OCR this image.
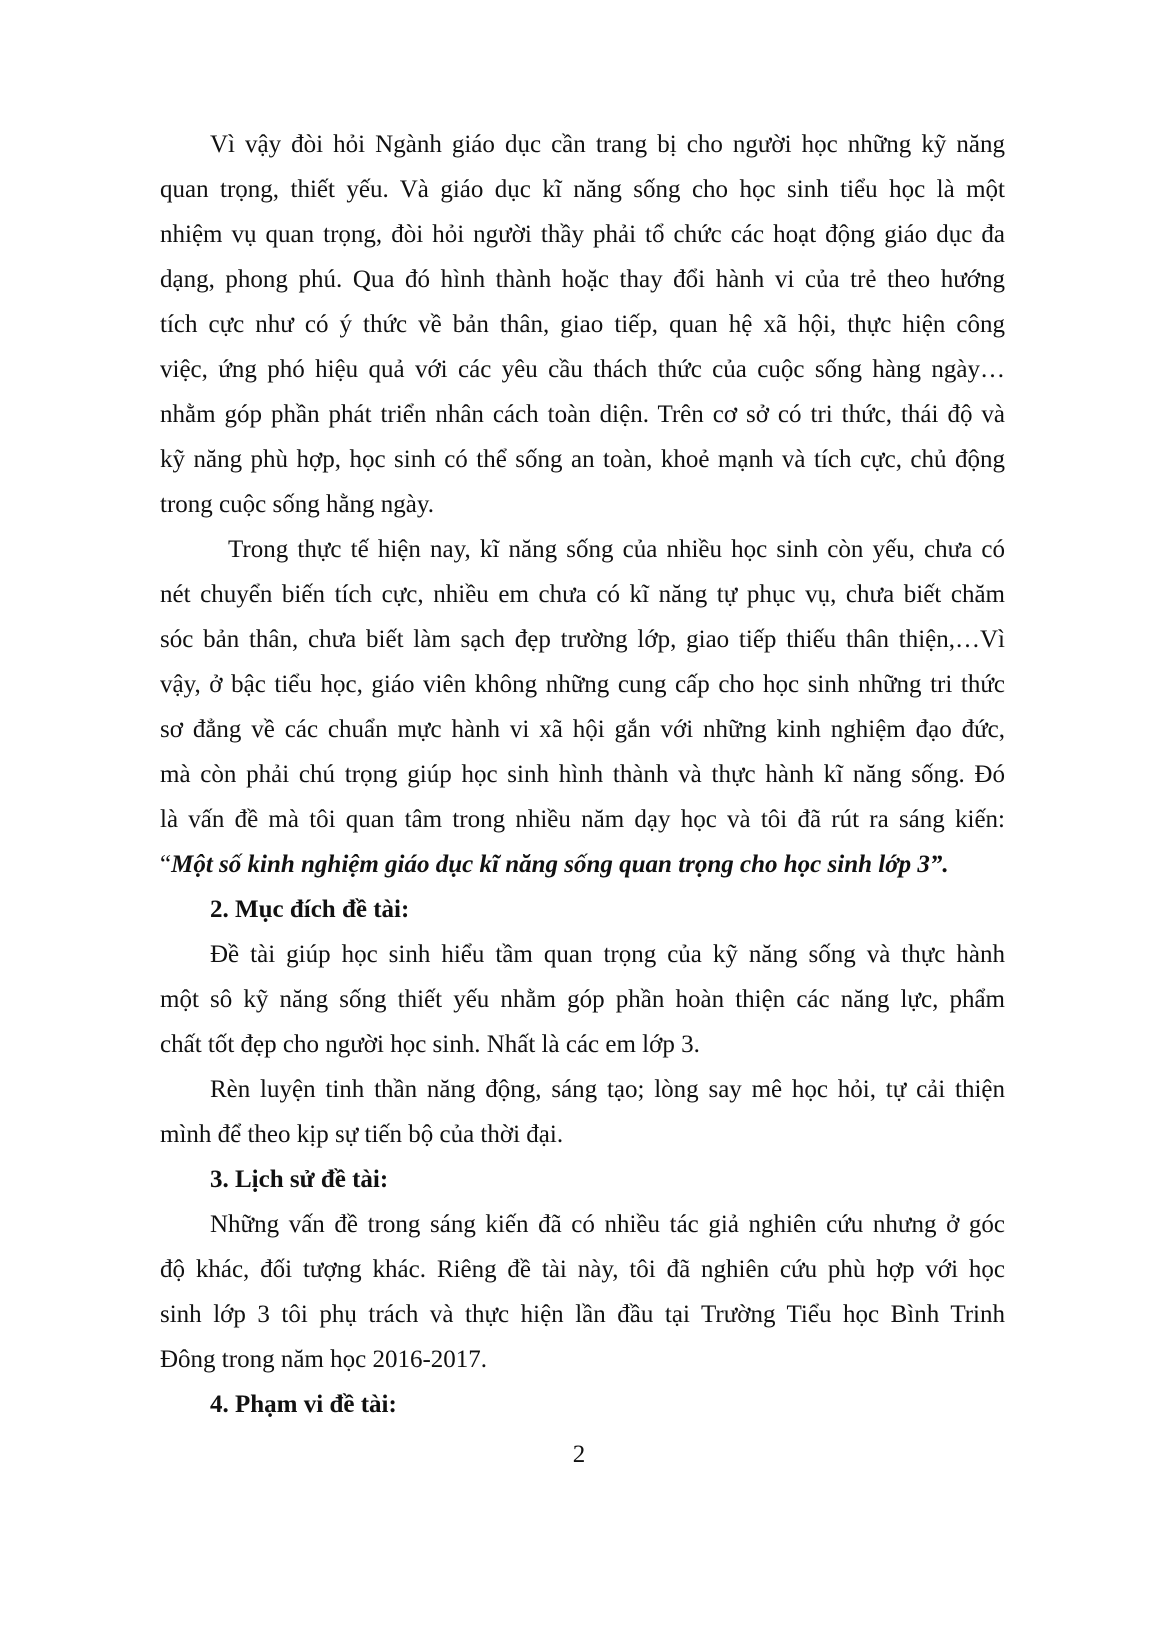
Vì vậy đòi hỏi Ngành giáo dục cần trang bị cho người học những kỹ năng
quan trọng, thiết yếu. Và giáo dục kĩ năng sống cho học sinh tiểu học là một
nhiệm vụ quan trọng, đòi hỏi người thầy phải tổ chức các hoạt động giáo dục đa
dạng, phong phú. Qua đó hình thành hoặc thay đổi hành vi của trẻ theo hướng
tích cực như có ý thức về bản thân, giao tiếp, quan hệ xã hội, thực hiện công
việc, ứng phó hiệu quả với các yêu cầu thách thức của cuộc sống hàng ngày…
nhằm góp phần phát triển nhân cách toàn diện. Trên cơ sở có tri thức, thái độ và
kỹ năng phù hợp, học sinh có thể sống an toàn, khoẻ mạnh và tích cực, chủ động
trong cuộc sống hằng ngày.
Trong thực tế hiện nay, kĩ năng sống của nhiều học sinh còn yếu, chưa có
nét chuyển biến tích cực, nhiều em chưa có kĩ năng tự phục vụ, chưa biết chăm
sóc bản thân, chưa biết làm sạch đẹp trường lớp, giao tiếp thiếu thân thiện,…Vì
vậy, ở bậc tiểu học, giáo viên không những cung cấp cho học sinh những tri thức
sơ đẳng về các chuẩn mực hành vi xã hội gắn với những kinh nghiệm đạo đức,
mà còn phải chú trọng giúp học sinh hình thành và thực hành kĩ năng sống. Đó
là vấn đề mà tôi quan tâm trong nhiều năm dạy học và tôi đã rút ra sáng kiến:
“Một số kinh nghiệm giáo dục kĩ năng sống quan trọng cho học sinh lớp 3”.
2. Mục đích đề tài:
Đề tài giúp học sinh hiểu tầm quan trọng của kỹ năng sống và thực hành
một sô kỹ năng sống thiết yếu nhằm góp phần hoàn thiện các năng lực, phẩm
chất tốt đẹp cho người học sinh. Nhất là các em lớp 3.
Rèn luyện tinh thần năng động, sáng tạo; lòng say mê học hỏi, tự cải thiện
mình để theo kịp sự tiến bộ của thời đại.
3. Lịch sử đề tài:
Những vấn đề trong sáng kiến đã có nhiều tác giả nghiên cứu nhưng ở góc
độ khác, đối tượng khác. Riêng đề tài này, tôi đã nghiên cứu phù hợp với học
sinh lớp 3 tôi phụ trách và thực hiện lần đầu tại Trường Tiểu học Bình Trinh
Đông trong năm học 2016-2017.
4. Phạm vi đề tài:
2
